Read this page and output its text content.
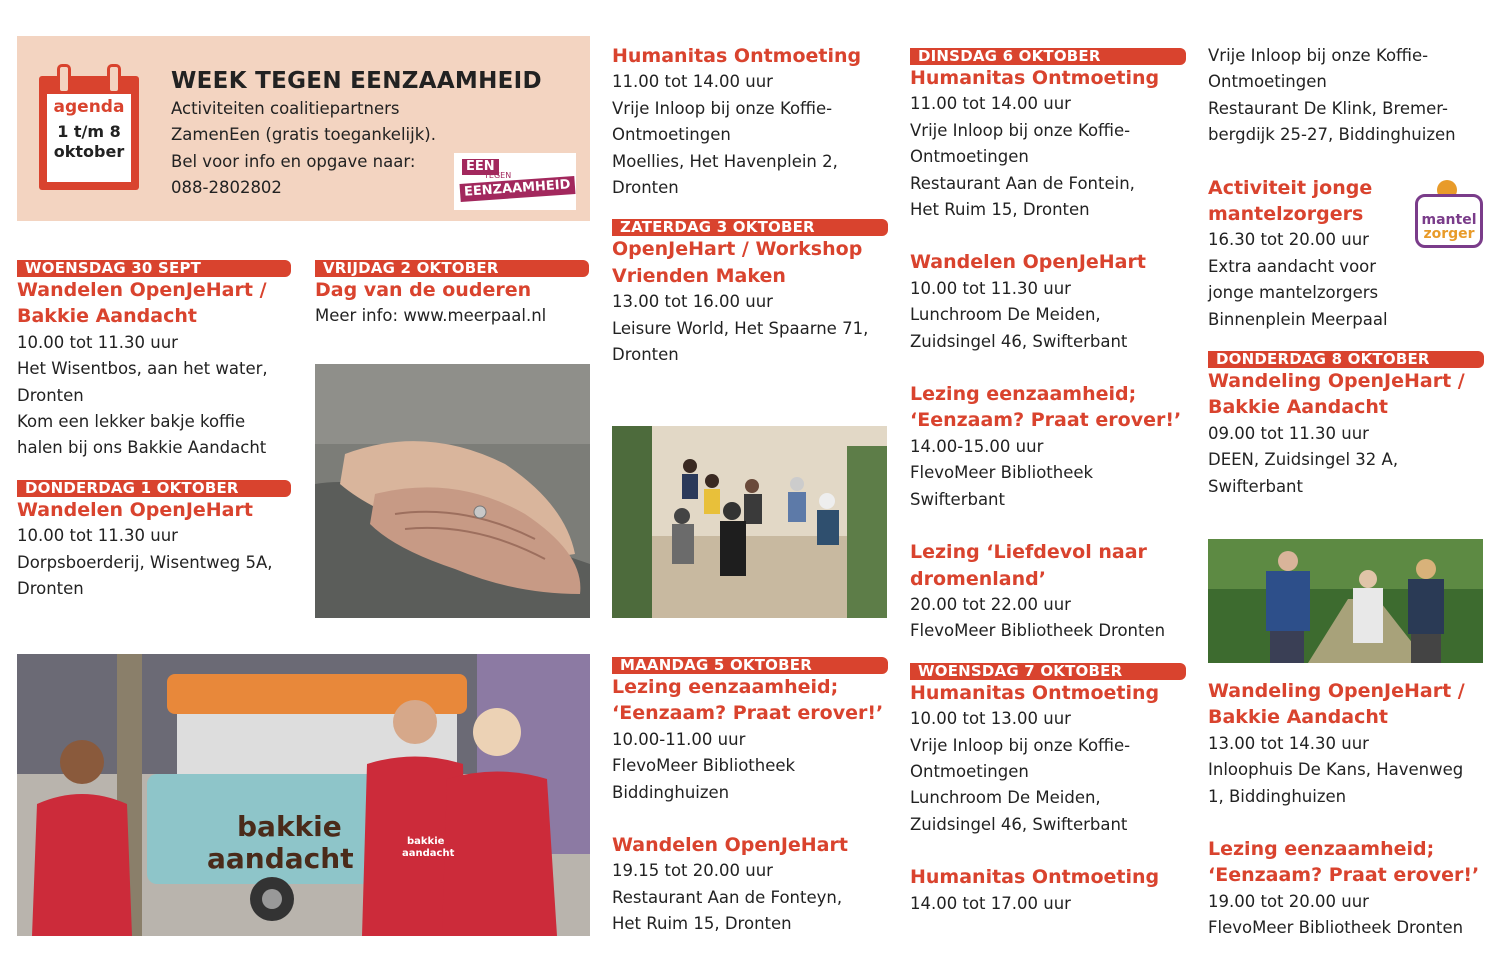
agenda
1 t/m 8
oktober
WEEK TEGEN EENZAAMHEID
Activiteiten coalitiepartners
ZamenEen (gratis toegankelijk).
Bel voor info en opgave naar:
088-2802802
EEN
TEGEN
EENZAAMHEID
WOENSDAG 30 SEPT
Wandelen OpenJeHart /
Bakkie Aandacht
10.00 tot 11.30 uur
Het Wisentbos, aan het water,
Dronten
Kom een lekker bakje koffie
halen bij ons Bakkie Aandacht
DONDERDAG 1 OKTOBER
Wandelen OpenJeHart
10.00 tot 11.30 uur
Dorpsboerderij, Wisentweg 5A,
Dronten
VRIJDAG 2 OKTOBER
Dag van de ouderen
Meer info: www.meerpaal.nl
bakkie
aandacht
bakkie
aandacht
Humanitas Ontmoeting
11.00 tot 14.00 uur
Vrije Inloop bij onze Koffie-
Ontmoetingen
Moellies, Het Havenplein 2,
Dronten
ZATERDAG 3 OKTOBER
OpenJeHart / Workshop
Vrienden Maken
13.00 tot 16.00 uur
Leisure World, Het Spaarne 71,
Dronten
MAANDAG 5 OKTOBER
Lezing eenzaamheid;
‘Eenzaam? Praat erover!’
10.00-11.00 uur
FlevoMeer Bibliotheek
Biddinghuizen
Wandelen OpenJeHart
19.15 tot 20.00 uur
Restaurant Aan de Fonteyn,
Het Ruim 15, Dronten
DINSDAG 6 OKTOBER
Humanitas Ontmoeting
11.00 tot 14.00 uur
Vrije Inloop bij onze Koffie-
Ontmoetingen
Restaurant Aan de Fontein,
Het Ruim 15, Dronten
Wandelen OpenJeHart
10.00 tot 11.30 uur
Lunchroom De Meiden,
Zuidsingel 46, Swifterbant
Lezing eenzaamheid;
‘Eenzaam? Praat erover!’
14.00-15.00 uur
FlevoMeer Bibliotheek
Swifterbant
Lezing ‘Liefdevol naar
dromenland’
20.00 tot 22.00 uur
FlevoMeer Bibliotheek Dronten
WOENSDAG 7 OKTOBER
Humanitas Ontmoeting
10.00 tot 13.00 uur
Vrije Inloop bij onze Koffie-
Ontmoetingen
Lunchroom De Meiden,
Zuidsingel 46, Swifterbant
Humanitas Ontmoeting
14.00 tot 17.00 uur
Vrije Inloop bij onze Koffie-
Ontmoetingen
Restaurant De Klink, Bremer-
bergdijk 25-27, Biddinghuizen
Activiteit jonge
mantelzorgers
16.30 tot 20.00 uur
Extra aandacht voor
jonge mantelzorgers
Binnenplein Meerpaal
DONDERDAG 8 OKTOBER
Wandeling OpenJeHart /
Bakkie Aandacht
09.00 tot 11.30 uur
DEEN, Zuidsingel 32 A,
Swifterbant
mantel
zorger
Wandeling OpenJeHart /
Bakkie Aandacht
13.00 tot 14.30 uur
Inloophuis De Kans, Havenweg
1, Biddinghuizen
Lezing eenzaamheid;
‘Eenzaam? Praat erover!’
19.00 tot 20.00 uur
FlevoMeer Bibliotheek Dronten
